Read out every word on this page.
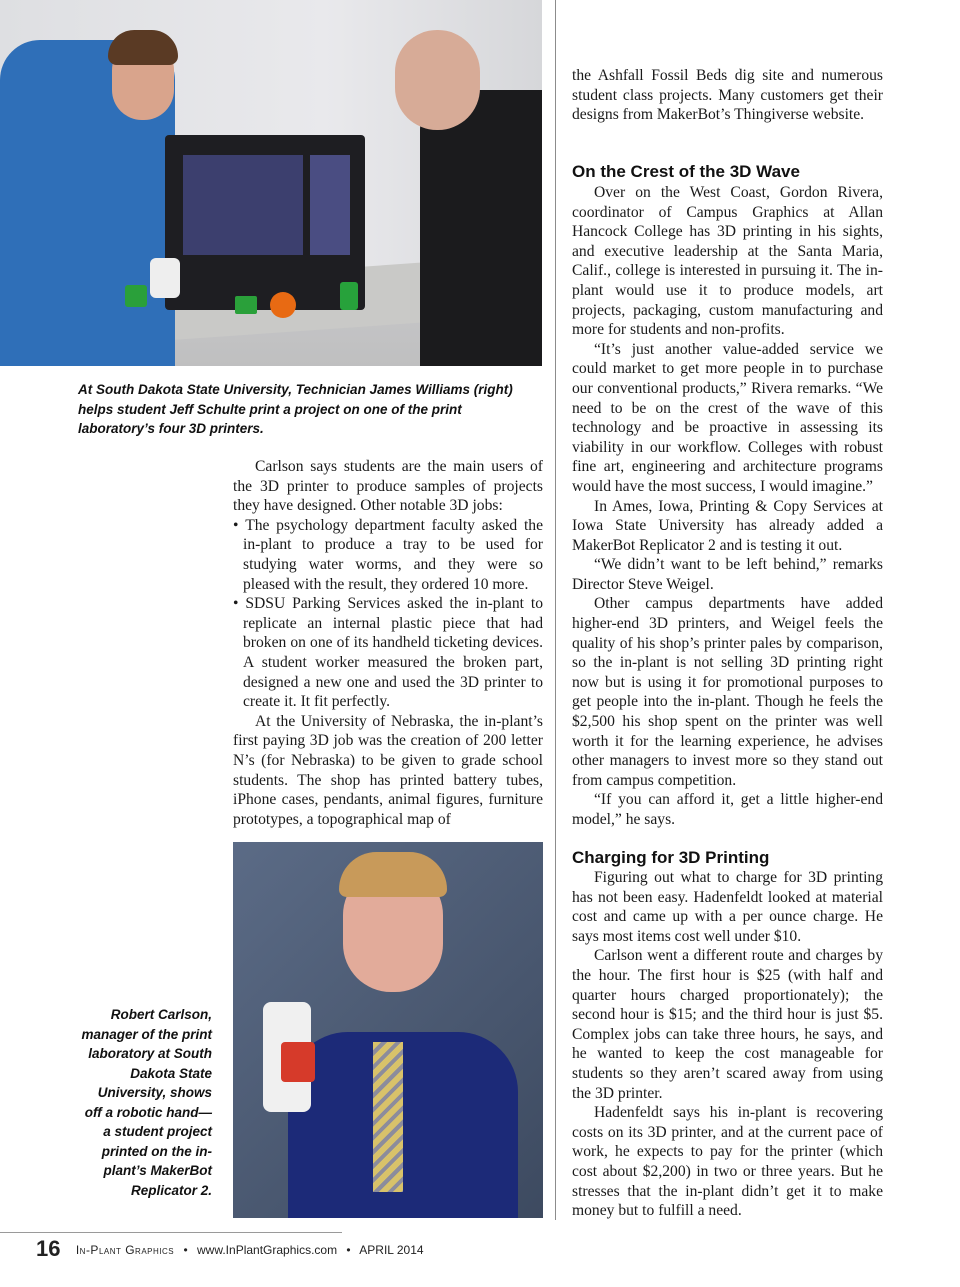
At South Dakota State University, Technician James Williams (right) helps student Jeff Schulte print a project on one of the print laboratory’s four 3D printers.

Carlson says students are the main users of the 3D printer to produce samples of projects they have designed. Other notable 3D jobs:

• The psychology department faculty asked the in-plant to produce a tray to be used for studying water worms, and they were so pleased with the result, they ordered 10 more.
• SDSU Parking Services asked the in-plant to replicate an internal plastic piece that had broken on one of its handheld ticketing devices. A student worker measured the broken part, designed a new one and used the 3D printer to create it. It fit perfectly.

At the University of Nebraska, the in-plant’s first paying 3D job was the creation of 200 letter N’s (for Nebraska) to be given to grade school students. The shop has printed battery tubes, iPhone cases, pendants, animal figures, furniture prototypes, a topographical map of

the Ashfall Fossil Beds dig site and numerous student class projects. Many customers get their designs from MakerBot’s Thingiverse website.

On the Crest of the 3D Wave

Over on the West Coast, Gordon Rivera, coordinator of Campus Graphics at Allan Hancock College has 3D printing in his sights, and executive leadership at the Santa Maria, Calif., college is interested in pursuing it. The in-plant would use it to produce models, art projects, packaging, custom manufacturing and more for students and non-profits.

“It’s just another value-added service we could market to get more people in to purchase our conventional products,” Rivera remarks. “We need to be on the crest of the wave of this technology and be proactive in assessing its viability in our workflow. Colleges with robust fine art, engineering and architecture programs would have the most success, I would imagine.”

In Ames, Iowa, Printing & Copy Services at Iowa State University has already added a MakerBot Replicator 2 and is testing it out.

“We didn’t want to be left behind,” remarks Director Steve Weigel.

Other campus departments have added higher-end 3D printers, and Weigel feels the quality of his shop’s printer pales by comparison, so the in-plant is not selling 3D printing right now but is using it for promotional purposes to get people into the in-plant. Though he feels the $2,500 his shop spent on the printer was well worth it for the learning experience, he advises other managers to invest more so they stand out from campus competition.

“If you can afford it, get a little higher-end model,” he says.

Charging for 3D Printing

Figuring out what to charge for 3D printing has not been easy. Hadenfeldt looked at material cost and came up with a per ounce charge. He says most items cost well under $10.

Carlson went a different route and charges by the hour. The first hour is $25 (with half and quarter hours charged proportionately); the second hour is $15; and the third hour is just $5. Complex jobs can take three hours, he says, and he wanted to keep the cost manageable for students so they aren’t scared away from using the 3D printer.

Hadenfeldt says his in-plant is recovering costs on its 3D printer, and at the current pace of work, he expects to pay for the printer (which cost about $2,200) in two or three years. But he stresses that the in-plant didn’t get it to make money but to fulfill a need.

Robert Carlson, manager of the print laboratory at South Dakota State University, shows off a robotic hand—a student project printed on the in-plant’s MakerBot Replicator 2.
16 In-Plant Graphics • www.InPlantGraphics.com • APRIL 2014
